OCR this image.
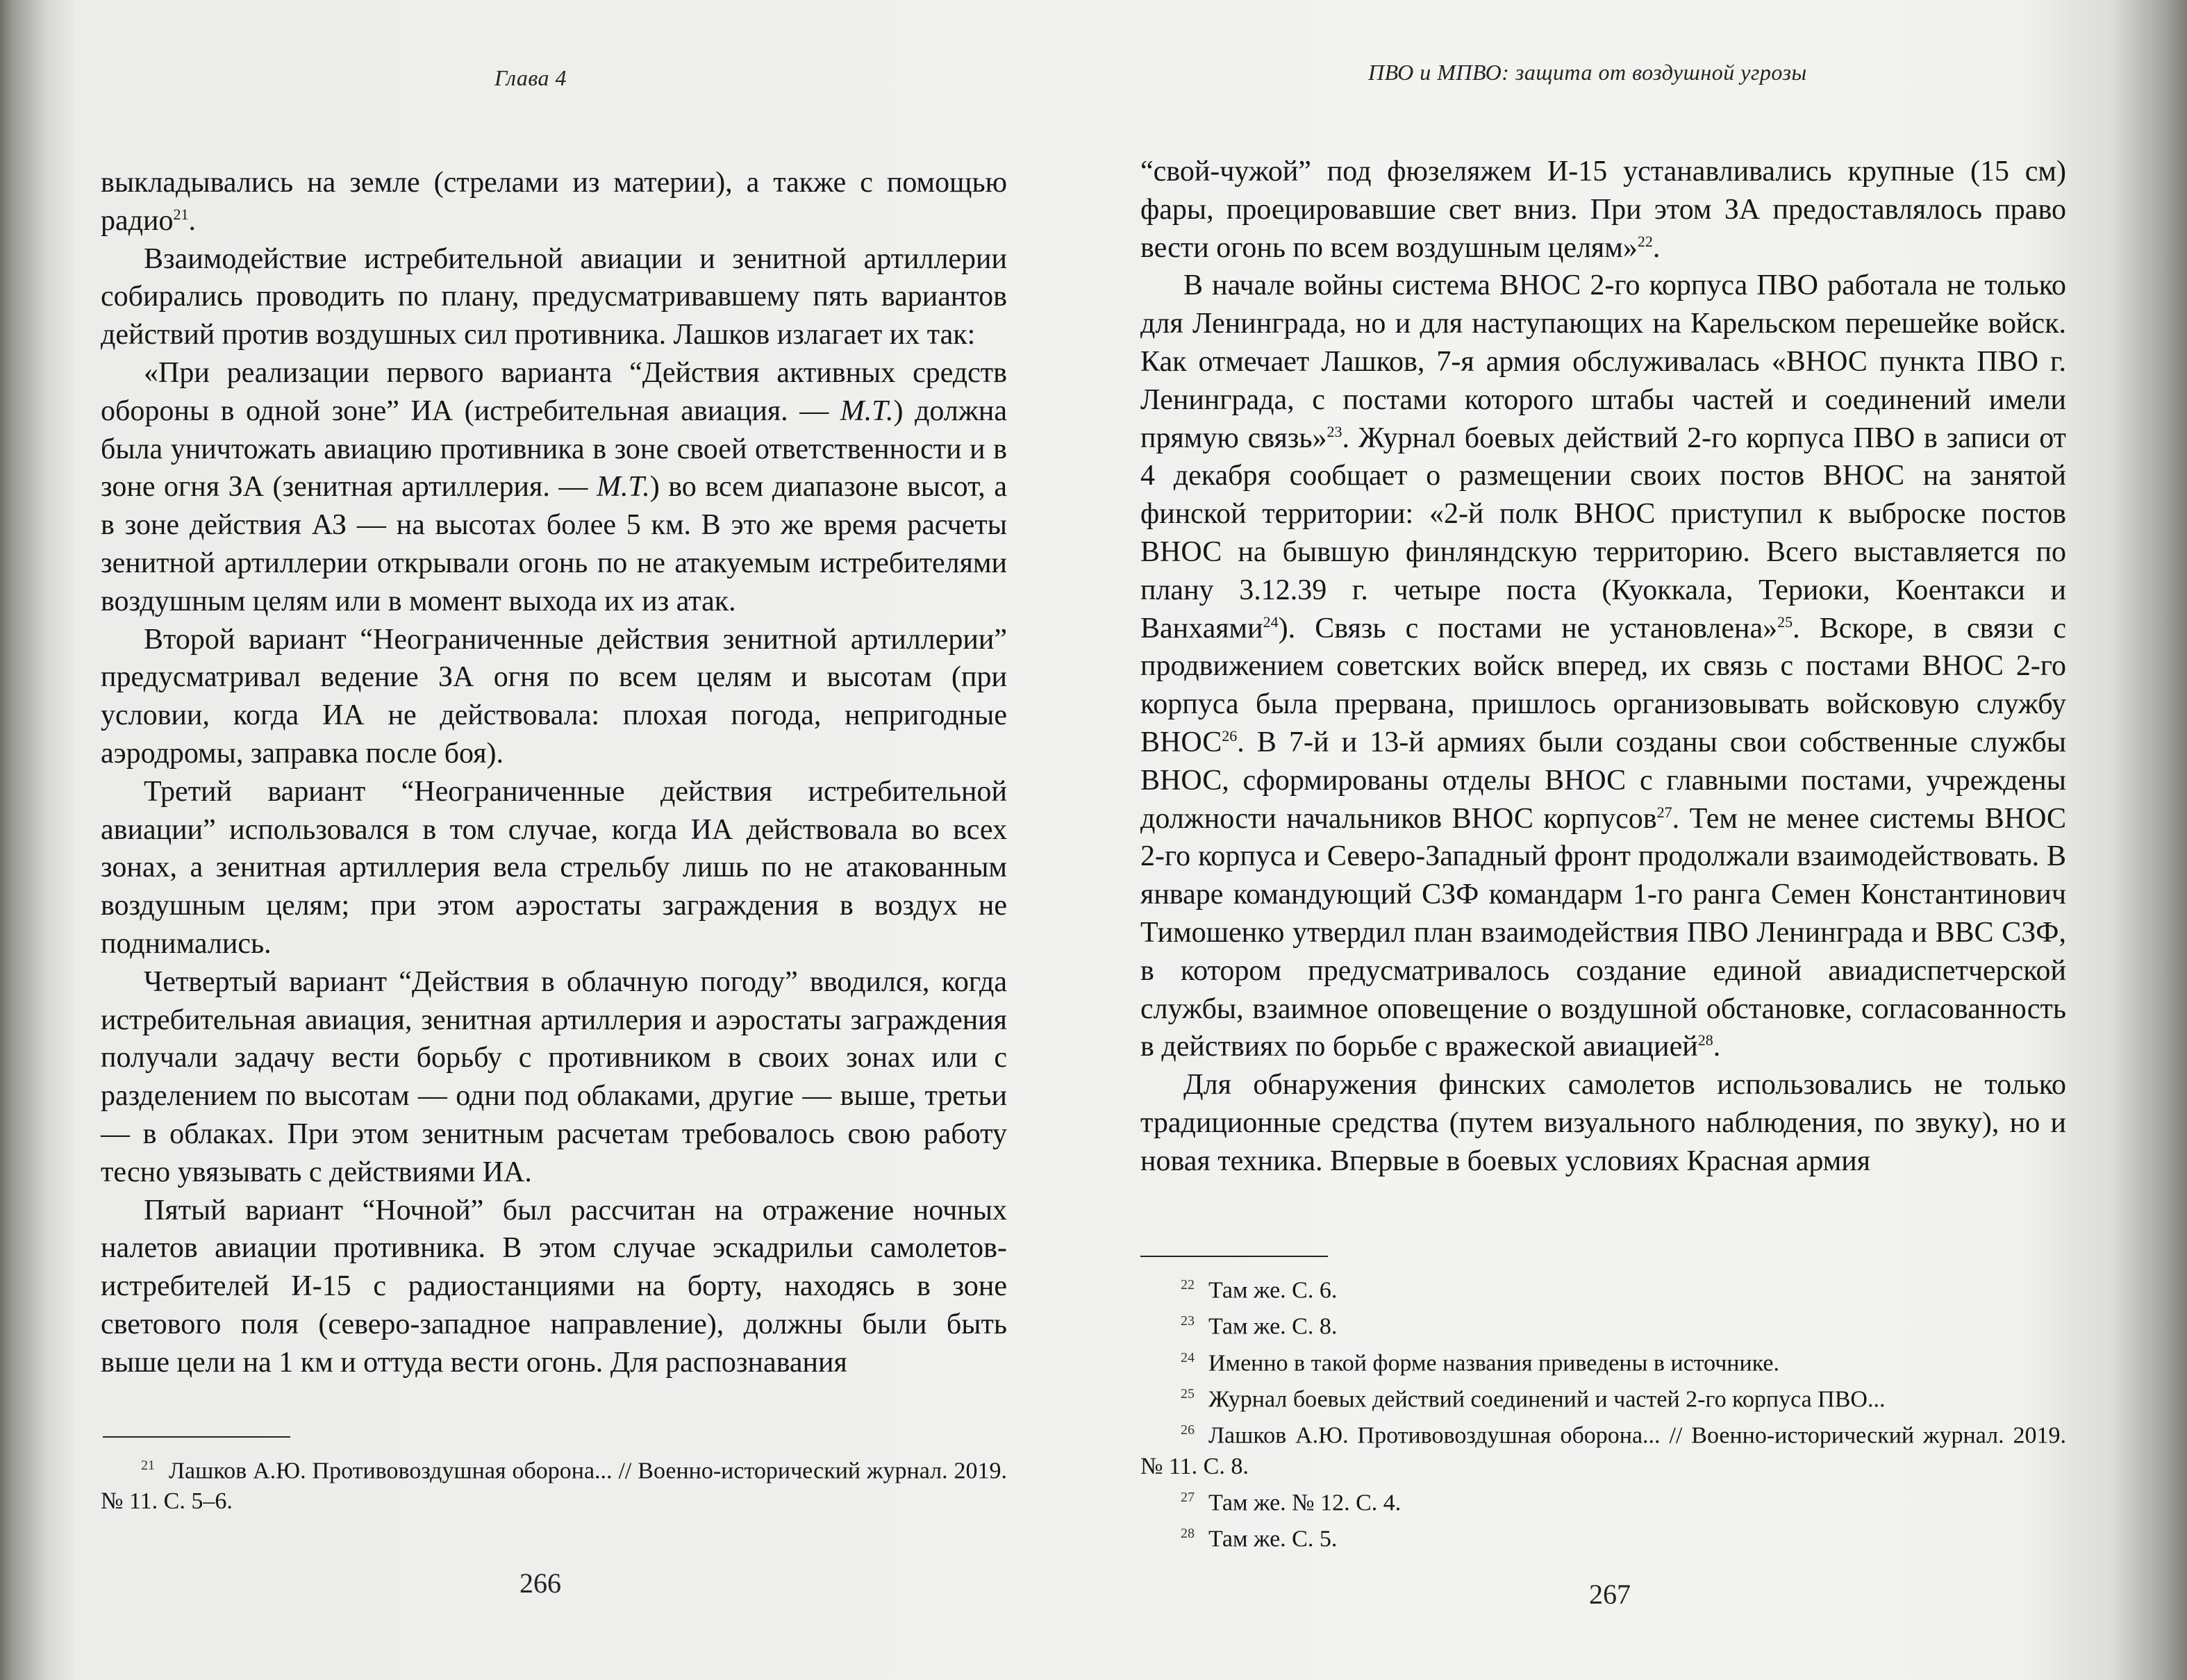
Глава 4

выкладывались на земле (стрелами из материи), а также с помощью радио$^{21}$.

Взаимодействие истребительной авиации и зенитной артиллерии собирались проводить по плану, предусматривавшему пять вариантов действий против воздушных сил противника. Лашков излагает их так:

«При реализации первого варианта “Действия активных средств обороны в одной зоне” ИА (истребительная авиация. — М.Т.) должна была уничтожать авиацию противника в зоне своей ответственности и в зоне огня ЗА (зенитная артиллерия. — М.Т.) во всем диапазоне высот, а в зоне действия АЗ — на высотах более 5 км. В это же время расчеты зенитной артиллерии открывали огонь по не атакуемым истребителями воздушным целям или в момент выхода их из атак.

Второй вариант “Неограниченные действия зенитной артиллерии” предусматривал ведение ЗА огня по всем целям и высотам (при условии, когда ИА не действовала: плохая погода, непригодные аэродромы, заправка после боя).

Третий вариант “Неограниченные действия истребительной авиации” использовался в том случае, когда ИА действовала во всех зонах, а зенитная артиллерия вела стрельбу лишь по не атакованным воздушным целям; при этом аэростаты заграждения в воздух не поднимались.

Четвертый вариант “Действия в облачную погоду” вводился, когда истребительная авиация, зенитная артиллерия и аэростаты заграждения получали задачу вести борьбу с противником в своих зонах или с разделением по высотам — одни под облаками, другие — выше, третьи — в облаках. При этом зенитным расчетам требовалось свою работу тесно увязывать с действиями ИА.

Пятый вариант “Ночной” был рассчитан на отражение ночных налетов авиации противника. В этом случае эскадрильи самолетов-истребителей И-15 с радиостанциями на борту, находясь в зоне светового поля (северо-западное направление), должны были быть выше цели на 1 км и оттуда вести огонь. Для распознавания

$^{21}$ Лашков А.Ю. Противовоздушная оборона... // Военно-исторический журнал. 2019. № 11. С. 5–6.

266
ПВО и МПВО: защита от воздушной угрозы

“свой-чужой” под фюзеляжем И-15 устанавливались крупные (15 см) фары, проецировавшие свет вниз. При этом ЗА предоставлялось право вести огонь по всем воздушным целям»$^{22}$.

В начале войны система ВНОС 2-го корпуса ПВО работала не только для Ленинграда, но и для наступающих на Карельском перешейке войск. Как отмечает Лашков, 7-я армия обслуживалась «ВНОС пункта ПВО г. Ленинграда, с постами которого штабы частей и соединений имели прямую связь»$^{23}$. Журнал боевых действий 2-го корпуса ПВО в записи от 4 декабря сообщает о размещении своих постов ВНОС на занятой финской территории: «2-й полк ВНОС приступил к выброске постов ВНОС на бывшую финляндскую территорию. Всего выставляется по плану 3.12.39 г. четыре поста (Куоккала, Териоки, Коентакси и Ванхаями$^{24}$). Связь с постами не установлена»$^{25}$. Вскоре, в связи с продвижением советских войск вперед, их связь с постами ВНОС 2-го корпуса была прервана, пришлось организовывать войсковую службу ВНОС$^{26}$. В 7-й и 13-й армиях были созданы свои собственные службы ВНОС, сформированы отделы ВНОС с главными постами, учреждены должности начальников ВНОС корпусов$^{27}$. Тем не менее системы ВНОС 2-го корпуса и Северо-Западный фронт продолжали взаимодействовать. В январе командующий СЗФ командарм 1-го ранга Семен Константинович Тимошенко утвердил план взаимодействия ПВО Ленинграда и ВВС СЗФ, в котором предусматривалось создание единой авиадиспетчерской службы, взаимное оповещение о воздушной обстановке, согласованность в действиях по борьбе с вражеской авиацией$^{28}$.

Для обнаружения финских самолетов использовались не только традиционные средства (путем визуального наблюдения, по звуку), но и новая техника. Впервые в боевых условиях Красная армия

$^{22}$ Там же. С. 6.

$^{23}$ Там же. С. 8.

$^{24}$ Именно в такой форме названия приведены в источнике.

$^{25}$ Журнал боевых действий соединений и частей 2-го корпуса ПВО...

$^{26}$ Лашков А.Ю. Противовоздушная оборона... // Военно-исторический журнал. 2019. № 11. С. 8.

$^{27}$ Там же. № 12. С. 4.

$^{28}$ Там же. С. 5.

267
